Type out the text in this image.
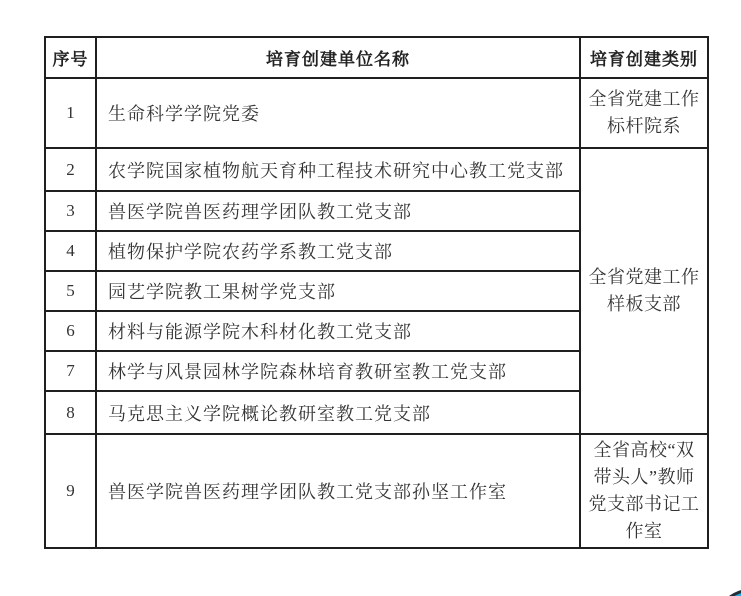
序号	培育创建单位名称	培育创建类别
1	生命科学学院党委	全省党建工作
标杆院系

2	农学院国家植物航天育种工程技术研究中心教工党支部	全省党建工作
样板支部

3	兽医学院兽医药理学团队教工党支部	
4	植物保护学院农药学系教工党支部	
5	园艺学院教工果树学党支部	
6	材料与能源学院木科材化教工党支部	
7	林学与风景园林学院森林培育教研室教工党支部	
8	马克思主义学院概论教研室教工党支部	
9	兽医学院兽医药理学团队教工党支部孙坚工作室	全省高校“双
带头人”教师
党支部书记工
作室
